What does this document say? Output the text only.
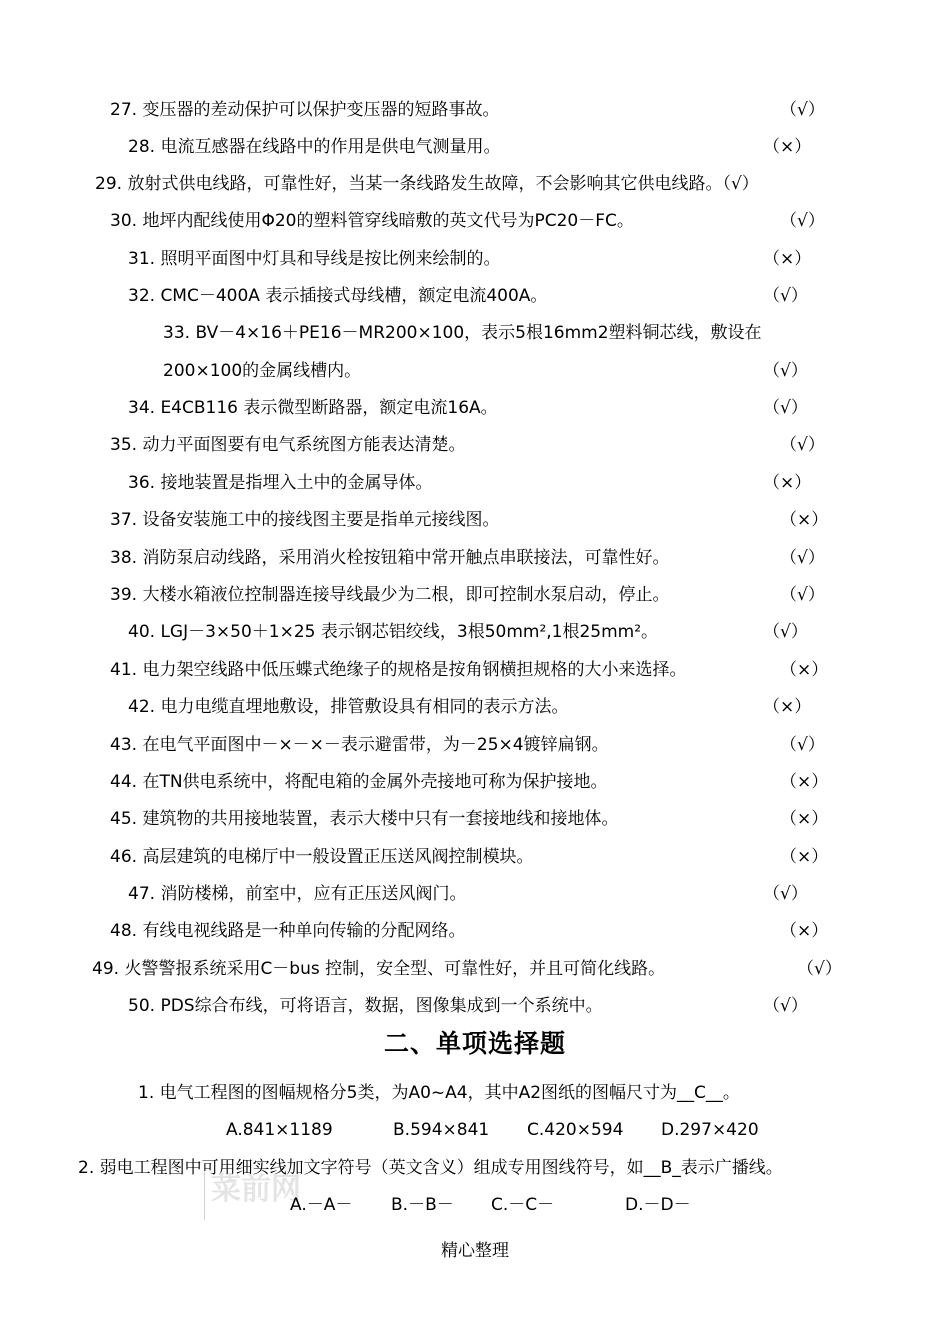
27. 变压器的差动保护可以保护变压器的短路事故。	（√）
28. 电流互感器在线路中的作用是供电气测量用。	（×）
29. 放射式供电线路，可靠性好，当某一条线路发生故障，不会影响其它供电线路。（√）
30. 地坪内配线使用Φ20的塑料管穿线暗敷的英文代号为PC20－FC。	（√）
31. 照明平面图中灯具和导线是按比例来绘制的。	（×）
32. CMC－400A 表示插接式母线槽，额定电流400A。	（√）
33. BV－4×16＋PE16－MR200×100，表示5根16mm2塑料铜芯线，敷设在
200×100的金属线槽内。	（√）
34. E4CB116 表示微型断路器，额定电流16A。	（√）
35. 动力平面图要有电气系统图方能表达清楚。	（√）
36. 接地装置是指埋入土中的金属导体。	（×）
37. 设备安装施工中的接线图主要是指单元接线图。	（×）
38. 消防泵启动线路，采用消火栓按钮箱中常开触点串联接法，可靠性好。	（√）
39. 大楼水箱液位控制器连接导线最少为二根，即可控制水泵启动，停止。	（√）
40. LGJ－3×50＋1×25 表示钢芯铝绞线，3根50mm²,1根25mm²。	（√）
41. 电力架空线路中低压蝶式绝缘子的规格是按角钢横担规格的大小来选择。	（×）
42. 电力电缆直埋地敷设，排管敷设具有相同的表示方法。	（×）
43. 在电气平面图中－×－×－表示避雷带，为－25×4镀锌扁钢。	（√）
44. 在TN供电系统中，将配电箱的金属外壳接地可称为保护接地。	（×）
45. 建筑物的共用接地装置，表示大楼中只有一套接地线和接地体。	（×）
46. 高层建筑的电梯厅中一般设置正压送风阀控制模块。	（×）
47. 消防楼梯，前室中，应有正压送风阀门。	（√）
48. 有线电视线路是一种单向传输的分配网络。	（×）
49. 火警警报系统采用C－bus 控制，安全型、可靠性好，并且可简化线路。	（√）
50. PDS综合布线，可将语言，数据，图像集成到一个系统中。	（√）
二、单项选择题
1. 电气工程图的图幅规格分5类，为A0~A4，其中A2图纸的图幅尺寸为__C__。
A.841×1189	B.594×841 C.420×594 D.297×420
2. 弱电工程图中可用细实线加文字符号（英文含义）组成专用图线符号，如__B_表示广播线。
菜前网
A.－A－ B.－B－ C.－C－	D.－D－
精心整理
